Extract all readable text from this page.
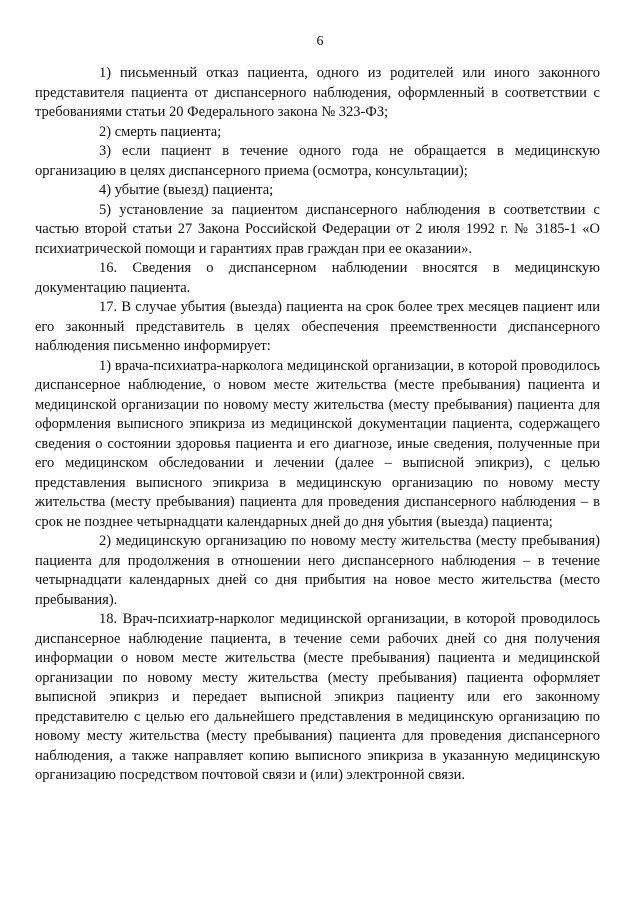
6

1) письменный отказ пациента, одного из родителей или иного законного представителя пациента от диспансерного наблюдения, оформленный в соответствии с требованиями статьи 20 Федерального закона № 323-ФЗ;

2) смерть пациента;

3) если пациент в течение одного года не обращается в медицинскую организацию в целях диспансерного приема (осмотра, консультации);

4) убытие (выезд) пациента;

5) установление за пациентом диспансерного наблюдения в соответствии с частью второй статьи 27 Закона Российской Федерации от 2 июля 1992 г. № 3185-1 «О психиатрической помощи и гарантиях прав граждан при ее оказании».

16. Сведения о диспансерном наблюдении вносятся в медицинскую документацию пациента.

17. В случае убытия (выезда) пациента на срок более трех месяцев пациент или его законный представитель в целях обеспечения преемственности диспансерного наблюдения письменно информирует:

1) врача-психиатра-нарколога медицинской организации, в которой проводилось диспансерное наблюдение, о новом месте жительства (месте пребывания) пациента и медицинской организации по новому месту жительства (месту пребывания) пациента для оформления выписного эпикриза из медицинской документации пациента, содержащего сведения о состоянии здоровья пациента и его диагнозе, иные сведения, полученные при его медицинском обследовании и лечении (далее – выписной эпикриз), с целью представления выписного эпикриза в медицинскую организацию по новому месту жительства (месту пребывания) пациента для проведения диспансерного наблюдения – в срок не позднее четырнадцати календарных дней до дня убытия (выезда) пациента;

2) медицинскую организацию по новому месту жительства (месту пребывания) пациента для продолжения в отношении него диспансерного наблюдения – в течение четырнадцати календарных дней со дня прибытия на новое место жительства (место пребывания).

18. Врач-психиатр-нарколог медицинской организации, в которой проводилось диспансерное наблюдение пациента, в течение семи рабочих дней со дня получения информации о новом месте жительства (месте пребывания) пациента и медицинской организации по новому месту жительства (месту пребывания) пациента оформляет выписной эпикриз и передает выписной эпикриз пациенту или его законному представителю с целью его дальнейшего представления в медицинскую организацию по новому месту жительства (месту пребывания) пациента для проведения диспансерного наблюдения, а также направляет копию выписного эпикриза в указанную медицинскую организацию посредством почтовой связи и (или) электронной связи.
